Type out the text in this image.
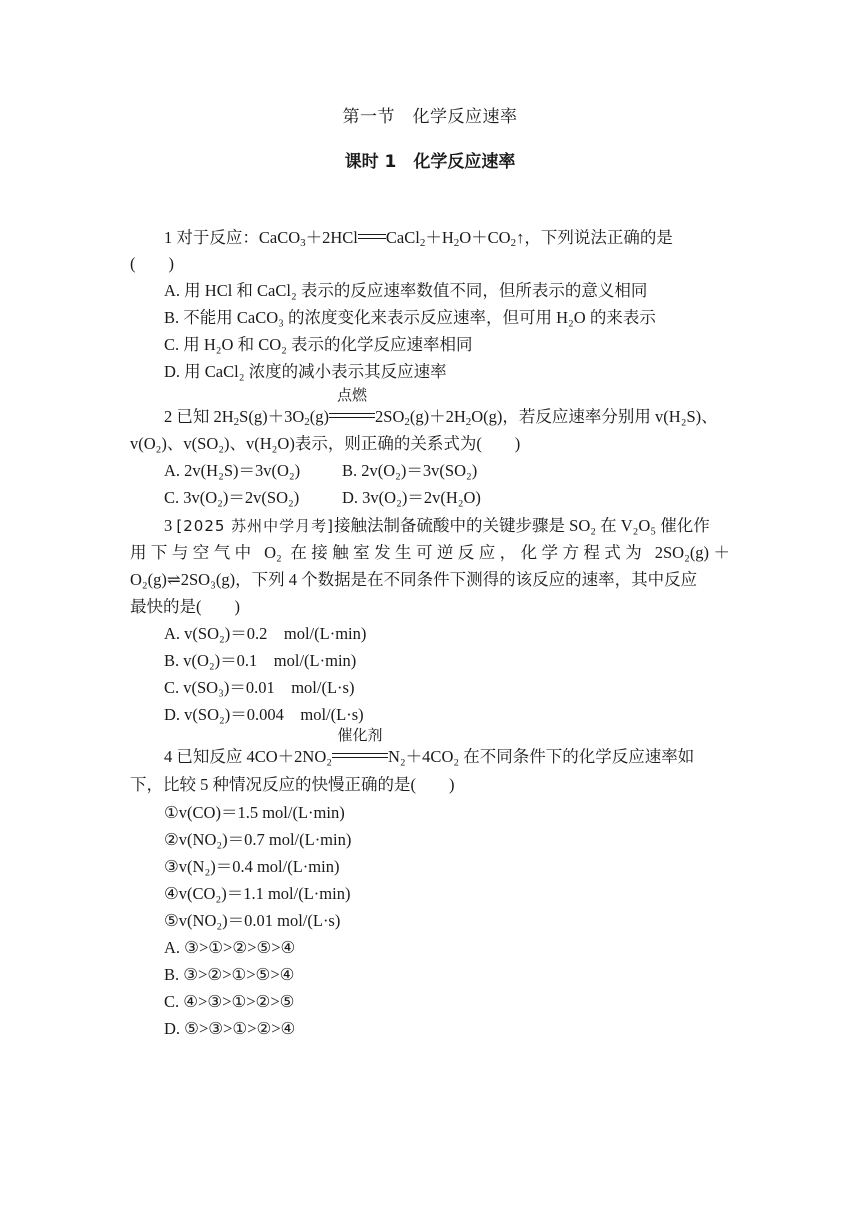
第一节　化学反应速率
课时 1　化学反应速率
1 对于反应：CaCO$_3$＋2HCl $CaCl_2+H_2O+CO_2↑$，下列说法正确的是
(　　)
A. 用 HCl 和 CaCl₂ 表示的反应速率数值不同，但所表示的意义相同
B. 不能用 CaCO₃ 的浓度变化来表示反应速率，但可用 H₂O 的来表示
C. 用 H₂O 和 CO₂ 表示的化学反应速率相同
D. 用 CaCl₂ 浓度的减小表示其反应速率
2 已知 $2H_2S(g)+3O_2(g)$
点燃
$2SO_2(g)+2H_2O(g)$，若反应速率分别用 v(H₂S)、
v(O₂)、v(SO₂)、v(H₂O)表示，则正确的关系式为(　　)
A. 2v(H₂S)＝3v(O₂)	B. 2v(O₂)＝3v(SO₂)
C. 3v(O₂)＝2v(SO₂)	D. 3v(O₂)＝2v(H₂O)
3 [2025 苏州中学月考]接触法制备硫酸中的关键步骤是 SO₂ 在 V₂O₅ 催化作
用下与空气中 O₂ 在接触室发生可逆反应，化学方程式为 2SO₂(g)＋
O₂(g)⇌2SO₃(g)，下列 4 个数据是在不同条件下测得的该反应的速率，其中反应
最快的是(　　)
A. v(SO₂)＝0.2　mol/(L·min)
B. v(O₂)＝0.1　mol/(L·min)
C. v(SO₃)＝0.01　mol/(L·s)
D. v(SO₂)＝0.004　mol/(L·s)
4 已知反应 4CO＋2NO₂
催化剂
N₂＋4CO₂ 在不同条件下的化学反应速率如
下，比较 5 种情况反应的快慢正确的是(　　)
①v(CO)＝1.5 mol/(L·min)
②v(NO₂)＝0.7 mol/(L·min)
③v(N₂)＝0.4 mol/(L·min)
④v(CO₂)＝1.1 mol/(L·min)
⑤v(NO₂)＝0.01 mol/(L·s)
A. ③>①>②>⑤>④
B. ③>②>①>⑤>④
C. ④>③>①>②>⑤
D. ⑤>③>①>②>④
